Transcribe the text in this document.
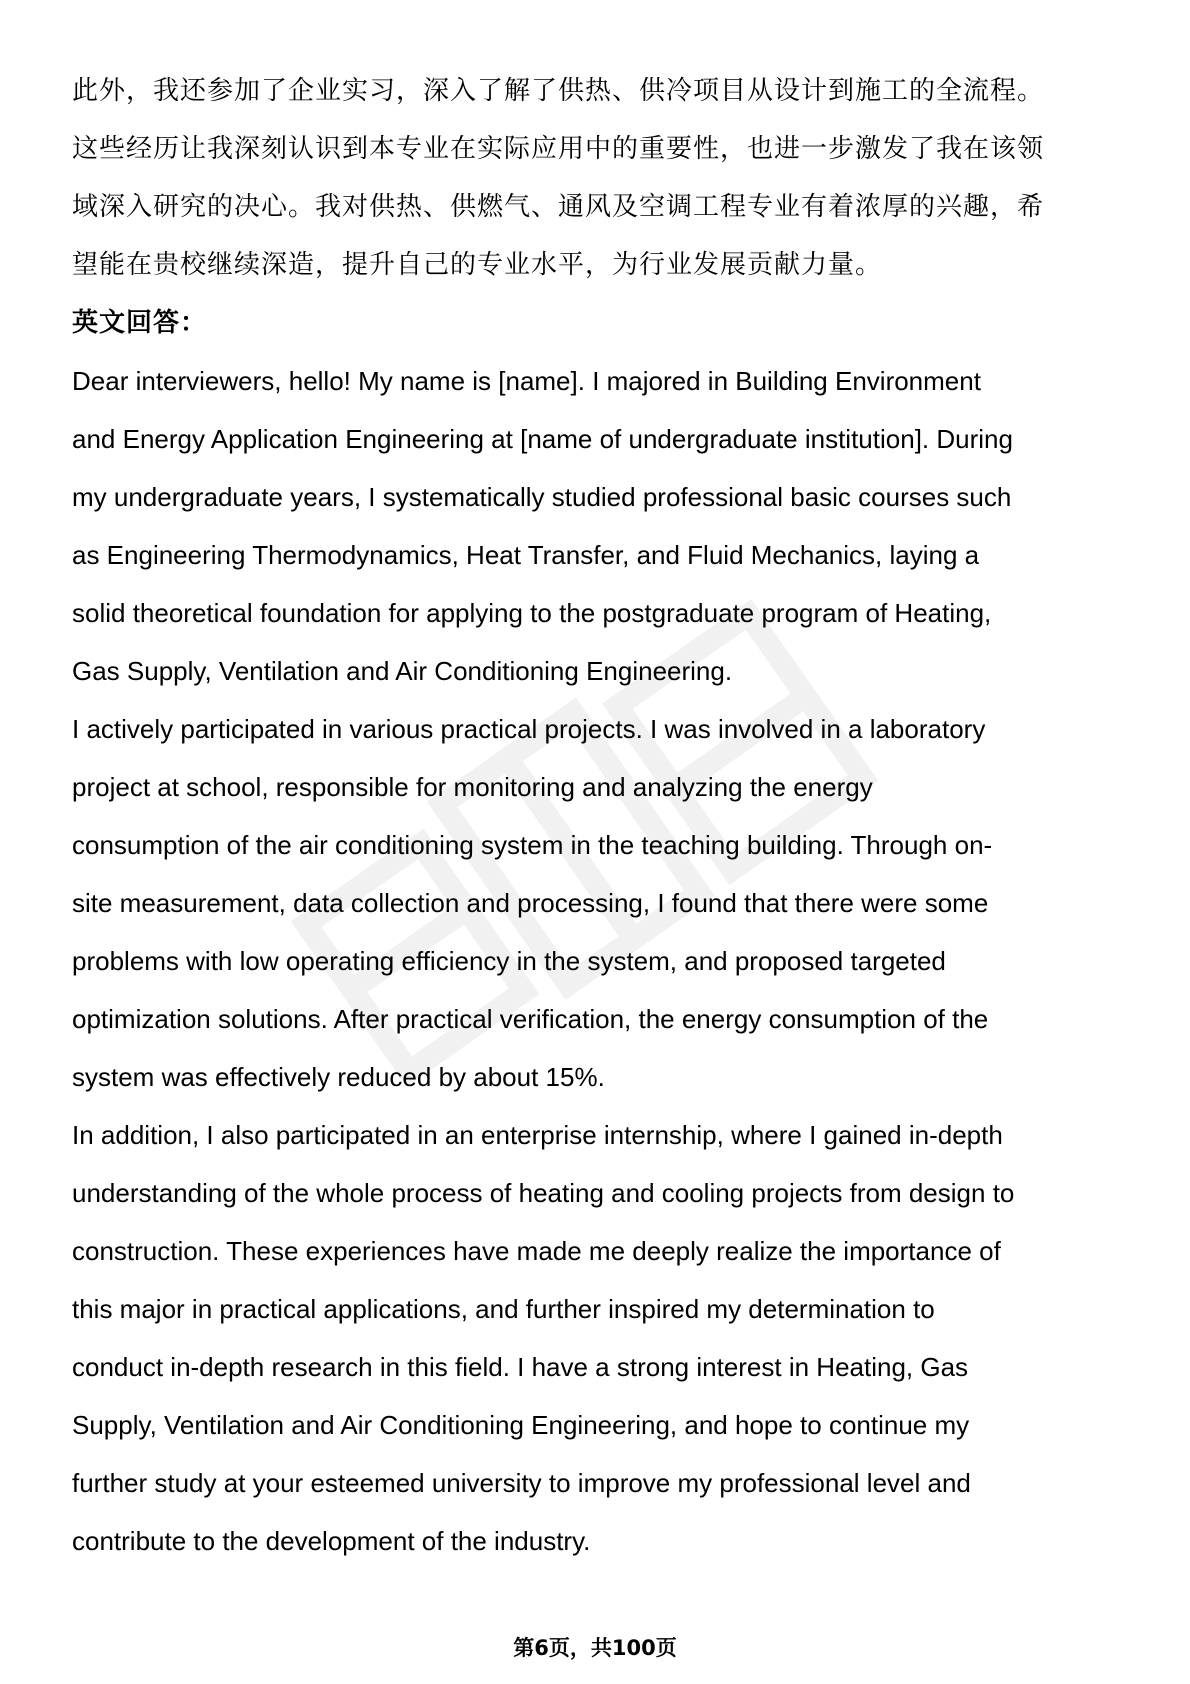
此外，我还参加了企业实习，深入了解了供热、供冷项目从设计到施工的全流程。
这些经历让我深刻认识到本专业在实际应用中的重要性，也进一步激发了我在该领
域深入研究的决心。我对供热、供燃气、通风及空调工程专业有着浓厚的兴趣，希
望能在贵校继续深造，提升自己的专业水平，为行业发展贡献力量。
英文回答：
Dear interviewers, hello! My name is [name]. I majored in Building Environment
and Energy Application Engineering at [name of undergraduate institution]. During
my undergraduate years, I systematically studied professional basic courses such
as Engineering Thermodynamics, Heat Transfer, and Fluid Mechanics, laying a
solid theoretical foundation for applying to the postgraduate program of Heating,
Gas Supply, Ventilation and Air Conditioning Engineering.
I actively participated in various practical projects. I was involved in a laboratory
project at school, responsible for monitoring and analyzing the energy
consumption of the air conditioning system in the teaching building. Through on-
site measurement, data collection and processing, I found that there were some
problems with low operating efficiency in the system, and proposed targeted
optimization solutions. After practical verification, the energy consumption of the
system was effectively reduced by about 15%.
In addition, I also participated in an enterprise internship, where I gained in-depth
understanding of the whole process of heating and cooling projects from design to
construction. These experiences have made me deeply realize the importance of
this major in practical applications, and further inspired my determination to
conduct in-depth research in this field. I have a strong interest in Heating, Gas
Supply, Ventilation and Air Conditioning Engineering, and hope to continue my
further study at your esteemed university to improve my professional level and
contribute to the development of the industry.
第6页，共100页
